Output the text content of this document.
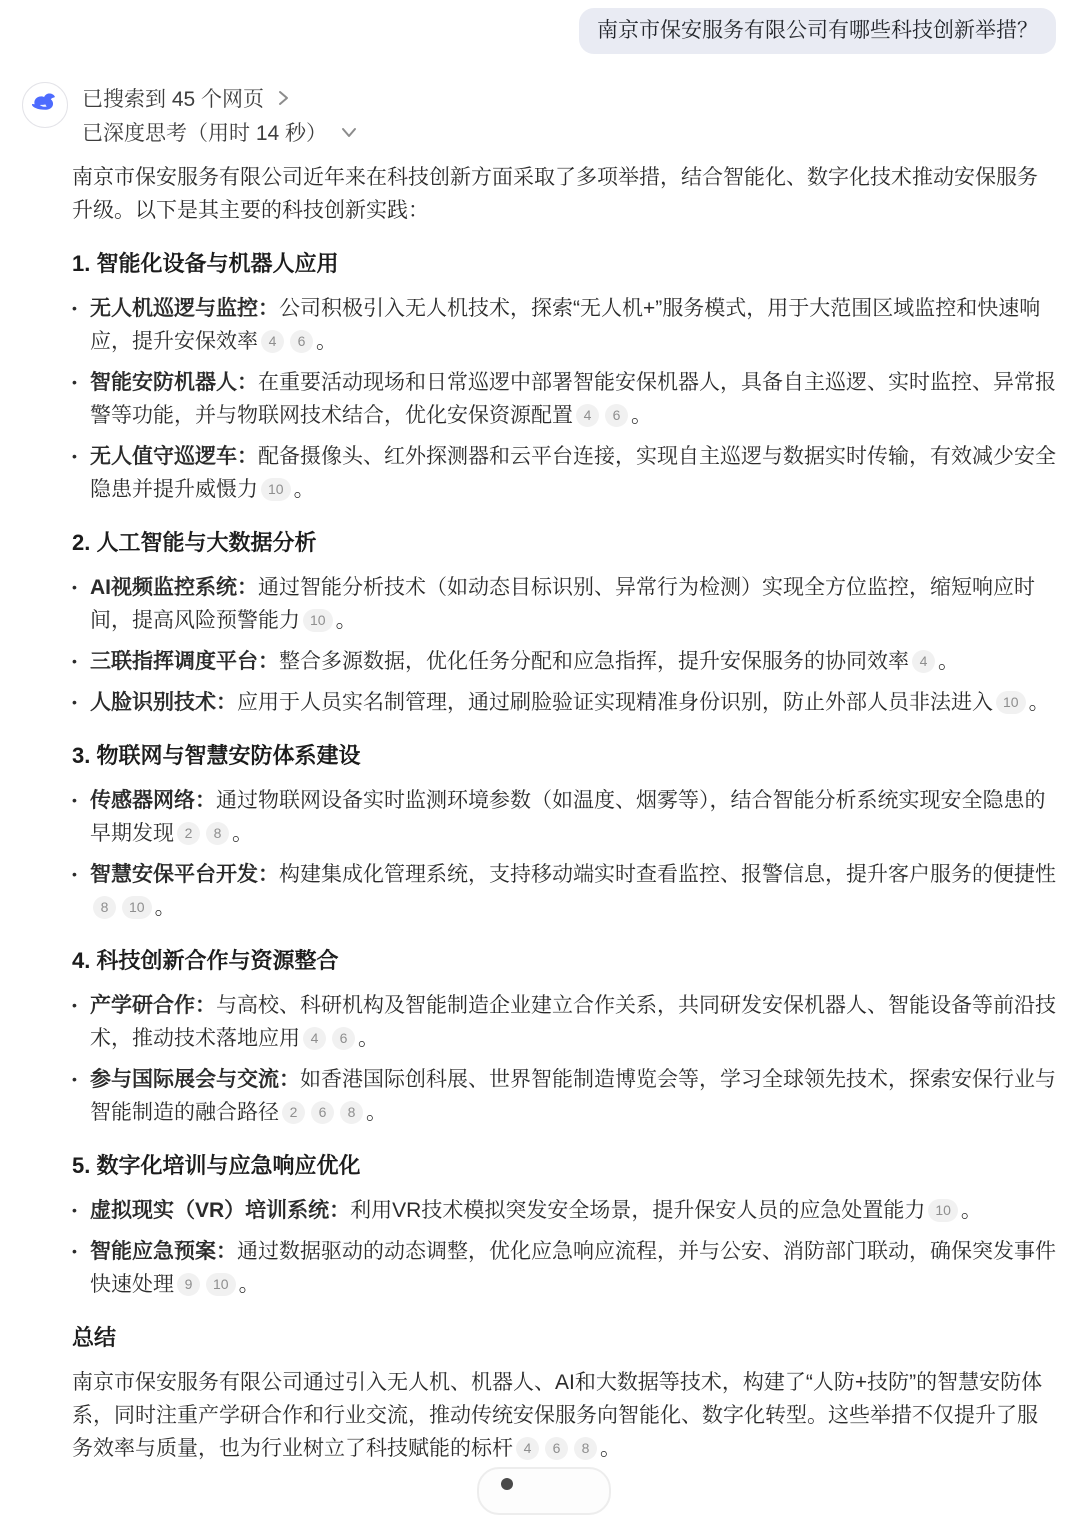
南京市保安服务有限公司有哪些科技创新举措？
已搜索到 45 个网页
已深度思考（用时 14 秒）

南京市保安服务有限公司近年来在科技创新方面采取了多项举措，结合智能化、数字化技术推动安保服务升级。以下是其主要的科技创新实践：

1. 智能化设备与机器人应用
• 无人机巡逻与监控：公司积极引入无人机技术，探索“无人机+”服务模式，用于大范围区域监控和快速响应，提升安保效率 4 6 。
• 智能安防机器人：在重要活动现场和日常巡逻中部署智能安保机器人，具备自主巡逻、实时监控、异常报警等功能，并与物联网技术结合，优化安保资源配置 4 6 。
• 无人值守巡逻车：配备摄像头、红外探测器和云平台连接，实现自主巡逻与数据实时传输，有效减少安全隐患并提升威慑力 10 。
2. 人工智能与大数据分析
• AI视频监控系统：通过智能分析技术（如动态目标识别、异常行为检测）实现全方位监控，缩短响应时间，提高风险预警能力 10 。
• 三联指挥调度平台：整合多源数据，优化任务分配和应急指挥，提升安保服务的协同效率 4 。
• 人脸识别技术：应用于人员实名制管理，通过刷脸验证实现精准身份识别，防止外部人员非法进入 10 。
3. 物联网与智慧安防体系建设
• 传感器网络：通过物联网设备实时监测环境参数（如温度、烟雾等），结合智能分析系统实现安全隐患的早期发现 2 8 。
• 智慧安保平台开发：构建集成化管理系统，支持移动端实时查看监控、报警信息，提升客户服务的便捷性8 10 。
4. 科技创新合作与资源整合
• 产学研合作：与高校、科研机构及智能制造企业建立合作关系，共同研发安保机器人、智能设备等前沿技术，推动技术落地应用 4 6 。
• 参与国际展会与交流：如香港国际创科展、世界智能制造博览会等，学习全球领先技术，探索安保行业与智能制造的融合路径 2 6 8 。
5. 数字化培训与应急响应优化
• 虚拟现实（VR）培训系统：利用VR技术模拟突发安全场景，提升保安人员的应急处置能力 10 。
• 智能应急预案：通过数据驱动的动态调整，优化应急响应流程，并与公安、消防部门联动，确保突发事件快速处理 9 10 。
总结

南京市保安服务有限公司通过引入无人机、机器人、AI和大数据等技术，构建了“人防+技防”的智慧安防体系，同时注重产学研合作和行业交流，推动传统安保服务向智能化、数字化转型。这些举措不仅提升了服务效率与质量，也为行业树立了科技赋能的标杆 4 6 8 。
